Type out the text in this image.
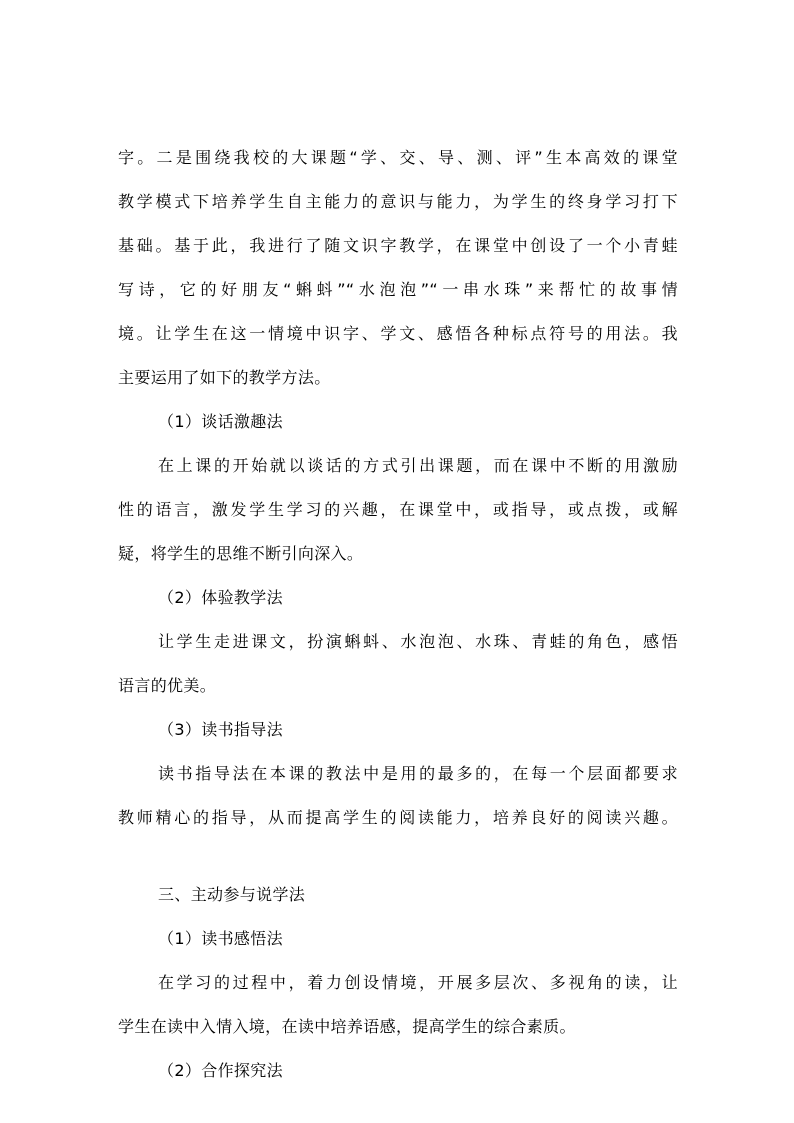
字。二是围绕我校的大课题“学、交、导、测、评”生本高效的课堂
教学模式下培养学生自主能力的意识与能力，为学生的终身学习打下
基础。基于此，我进行了随文识字教学，在课堂中创设了一个小青蛙
写诗，它的好朋友“蝌蚪”“水泡泡”“一串水珠”来帮忙的故事情
境。让学生在这一情境中识字、学文、感悟各种标点符号的用法。我
主要运用了如下的教学方法。
（1）谈话激趣法
在上课的开始就以谈话的方式引出课题，而在课中不断的用激励
性的语言，激发学生学习的兴趣，在课堂中，或指导，或点拨，或解
疑，将学生的思维不断引向深入。
（2）体验教学法
让学生走进课文，扮演蝌蚪、水泡泡、水珠、青蛙的角色，感悟
语言的优美。
（3）读书指导法
读书指导法在本课的教法中是用的最多的，在每一个层面都要求
教师精心的指导，从而提高学生的阅读能力，培养良好的阅读兴趣。
三、主动参与说学法
（1）读书感悟法
在学习的过程中，着力创设情境，开展多层次、多视角的读，让
学生在读中入情入境，在读中培养语感，提高学生的综合素质。
（2）合作探究法
